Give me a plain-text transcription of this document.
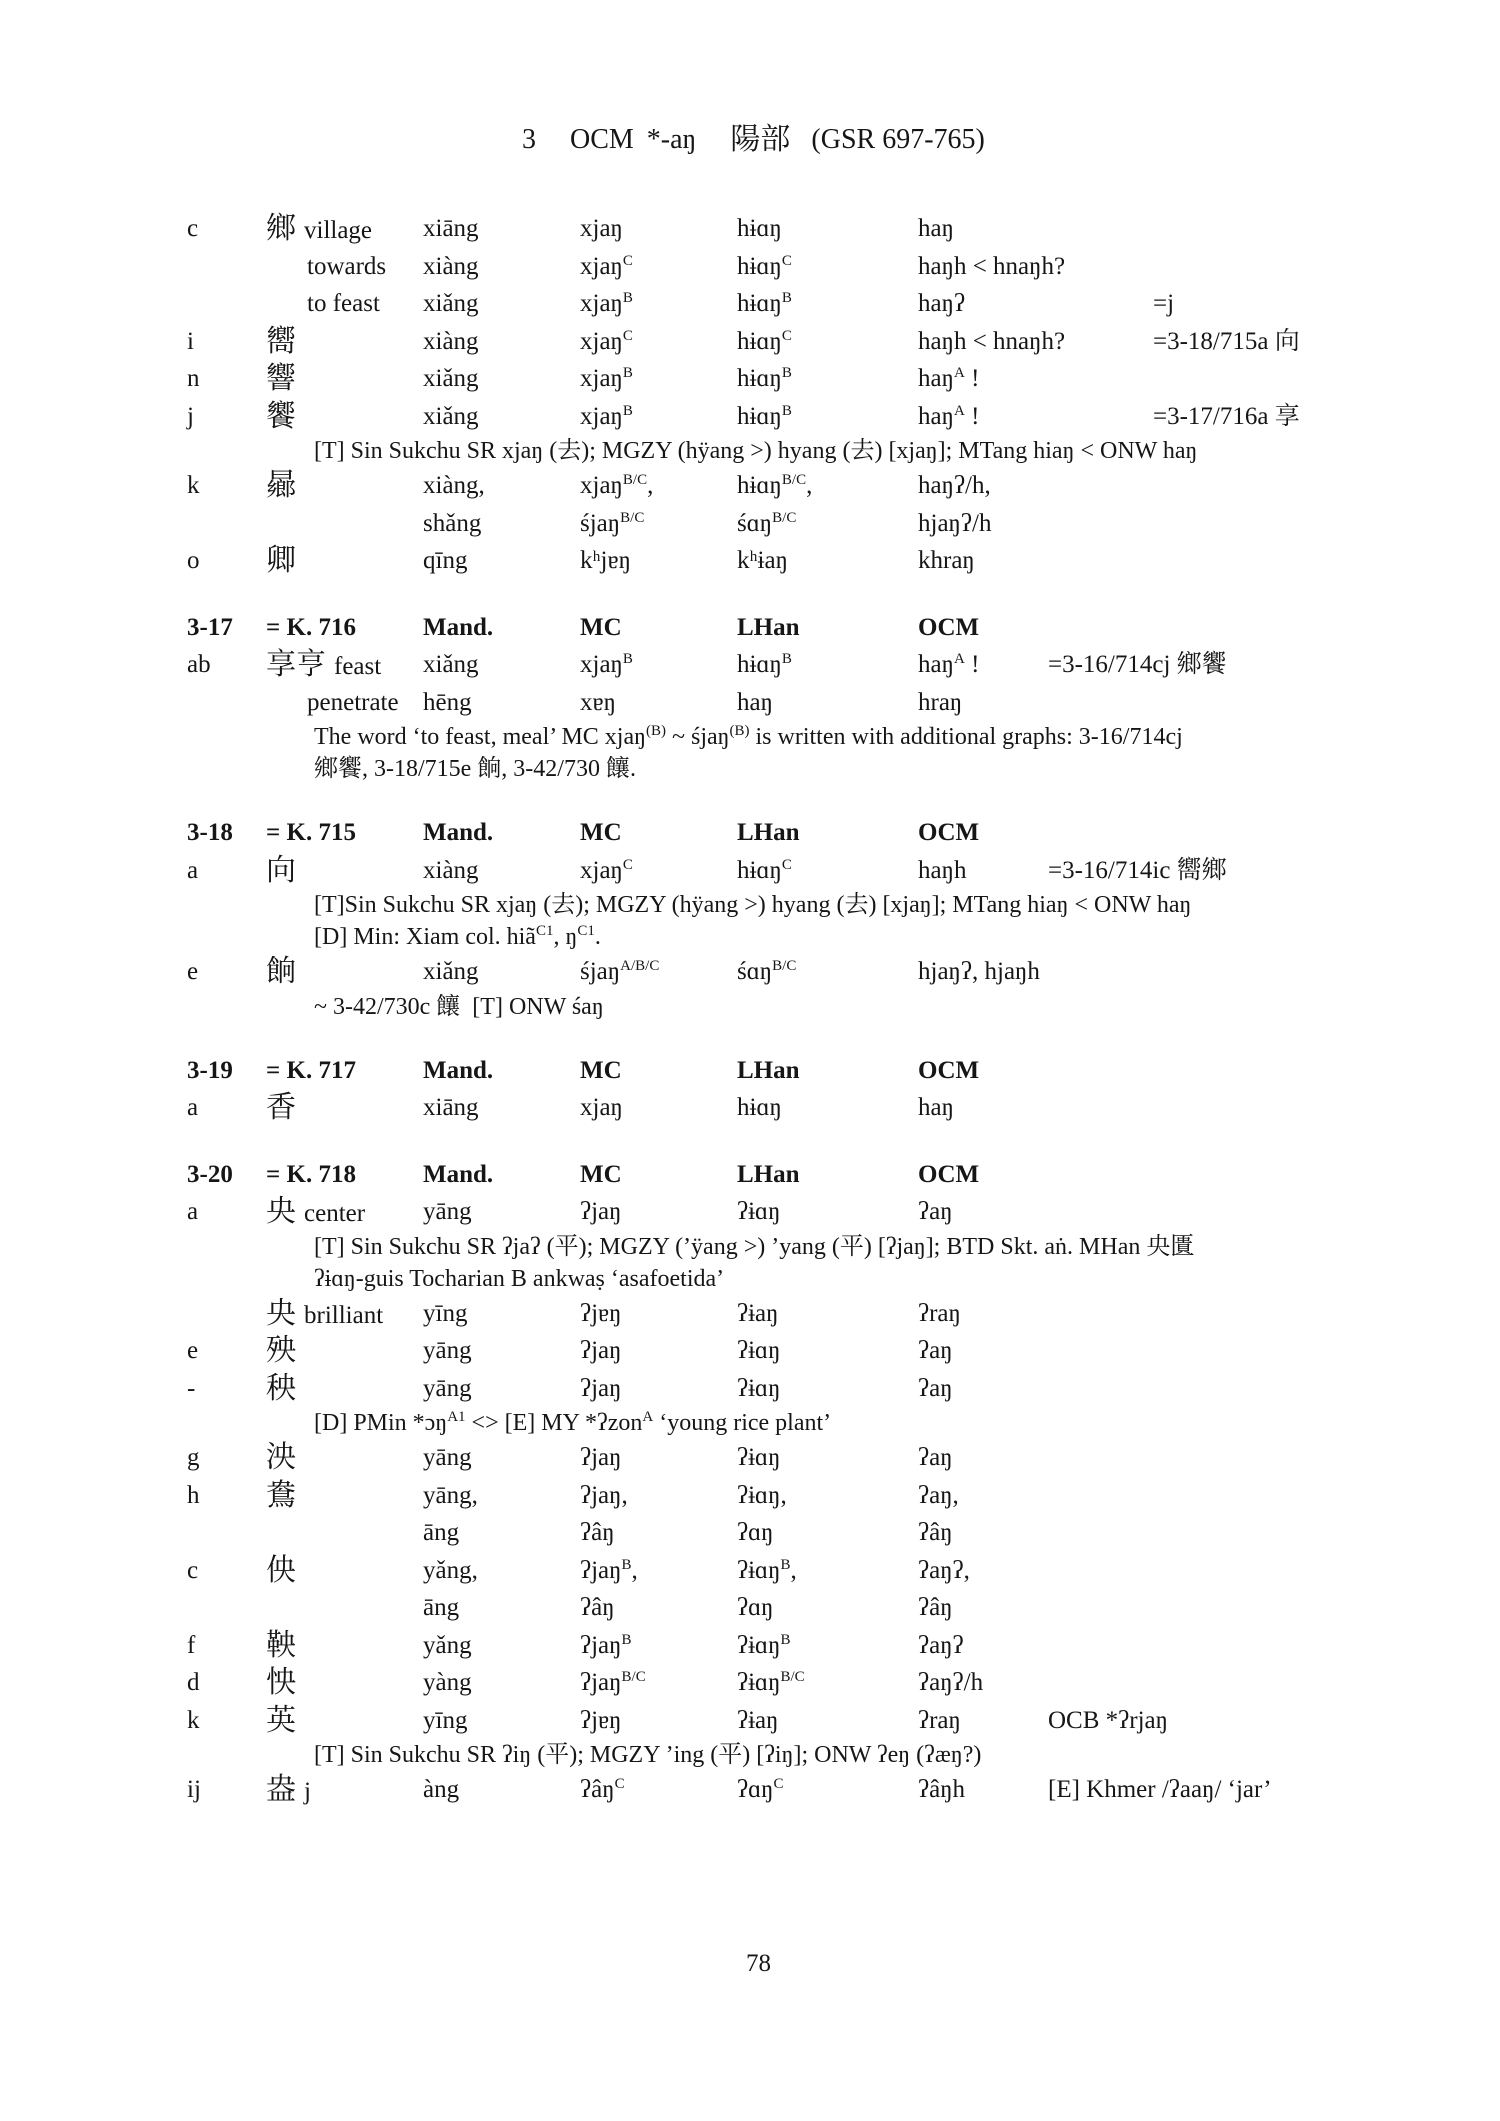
3 OCM *-aŋ 陽部 (GSR 697-765)
c 鄉 village xiāng	xjaŋ	hɨɑŋ	haŋ
towards xiàng	xjaŋ$^C$	hɨɑŋ$^C$	haŋh < hnaŋh?
to feast xiǎng	xjaŋ$^B$	hɨɑŋ$^B$	haŋʔ	=j
i 嚮	xiàng	xjaŋ$^C$	hɨɑŋ$^C$	haŋh < hnaŋh?	=3-18/715a 向
n 響	xiǎng	xjaŋ$^B$	hɨɑŋ$^B$	haŋ$^A$ !
j 饗	xiǎng	xjaŋ$^B$	hɨɑŋ$^B$	haŋ$^A$ !	=3-17/716a 享
[T] Sin Sukchu SR xjaŋ (去); MGZY (hÿang >) hyang (去) [xjaŋ]; MTang hiaŋ < ONW haŋ
k 曏	xiàng,	xjaŋ$^{B/C}$,	hɨɑŋ$^{B/C}$,	haŋʔ/h,
shǎng	śjaŋ$^{B/C}$	śɑŋ$^{B/C}$	hjaŋʔ/h
o 卿	qīng	kʰjɐŋ	kʰɨaŋ	khraŋ
3-17 = K. 716	Mand.	MC	LHan	OCM
ab 享亨 feast xiǎng	xjaŋ$^B$	hɨɑŋ$^B$	haŋ$^A$ !	=3-16/714cj 鄉饗
penetrate hēng	xɐŋ	haŋ	hraŋ
The word ‘to feast, meal’ MC xjaŋ$^{(B)}$ ~ śjaŋ$^{(B)}$ is written with additional graphs: 3-16/714cj
鄉饗, 3-18/715e 餉, 3-42/730 饟.
3-18 = K. 715	Mand.	MC	LHan	OCM
a 向	xiàng	xjaŋ$^C$	hɨɑŋ$^C$	haŋh	=3-16/714ic 嚮鄉
[T]Sin Sukchu SR xjaŋ (去); MGZY (hÿang >) hyang (去) [xjaŋ]; MTang hiaŋ < ONW haŋ
[D] Min: Xiam col. hiã$^{C1}$, $ŋ^{C1}$.
e 餉	xiǎng	śjaŋ$^{A/B/C}$	śɑŋ$^{B/C}$	hjaŋʔ, hjaŋh
~ 3-42/730c 饟  [T] ONW śaŋ
3-19 = K. 717	Mand.	MC	LHan	OCM
a 香	xiāng	xjaŋ	hɨɑŋ	haŋ
3-20 = K. 718	Mand.	MC	LHan	OCM
a 央 center yāng	ʔjaŋ	ʔɨɑŋ	ʔaŋ
[T] Sin Sukchu SR ʔjaʔ (平); MGZY (’ÿang >) ’yang (平) [ʔjaŋ]; BTD Skt. aṅ. MHan 央匱
ʔɨɑŋ-guis Tocharian B ankwaṣ ‘asafoetida’
央 brilliant yīng	ʔjɐŋ	ʔɨaŋ	ʔraŋ
e 殃	yāng	ʔjaŋ	ʔɨɑŋ	ʔaŋ
- 秧	yāng	ʔjaŋ	ʔɨɑŋ	ʔaŋ
[D] PMin *ɔŋ$^{A1}$ <> [E] MY *ʔzon$^A$ ‘young rice plant’
g 泱	yāng	ʔjaŋ	ʔɨɑŋ	ʔaŋ
h 鴦	yāng,	ʔjaŋ,	ʔɨɑŋ,	ʔaŋ,
āng	ʔâŋ	ʔɑŋ	ʔâŋ
c 佒	yǎng,	ʔjaŋ$^B$,	ʔɨɑŋ$^B$,	ʔaŋʔ,
āng	ʔâŋ	ʔɑŋ	ʔâŋ
f 鞅	yǎng	ʔjaŋ$^B$	ʔɨɑŋ$^B$	ʔaŋʔ
d 怏	yàng	ʔjaŋ$^{B/C}$	ʔɨɑŋ$^{B/C}$	ʔaŋʔ/h
k 英	yīng	ʔjɐŋ	ʔɨaŋ	ʔraŋ	OCB *ʔrjaŋ
[T] Sin Sukchu SR ʔiŋ (平); MGZY ’ing (平) [ʔiŋ]; ONW ʔeŋ (ʔæŋ?)
ij 盎 j	àng	ʔâŋ$^C$	ʔɑŋ$^C$	ʔâŋh	[E] Khmer /ʔaaŋ/ ‘jar’
78
